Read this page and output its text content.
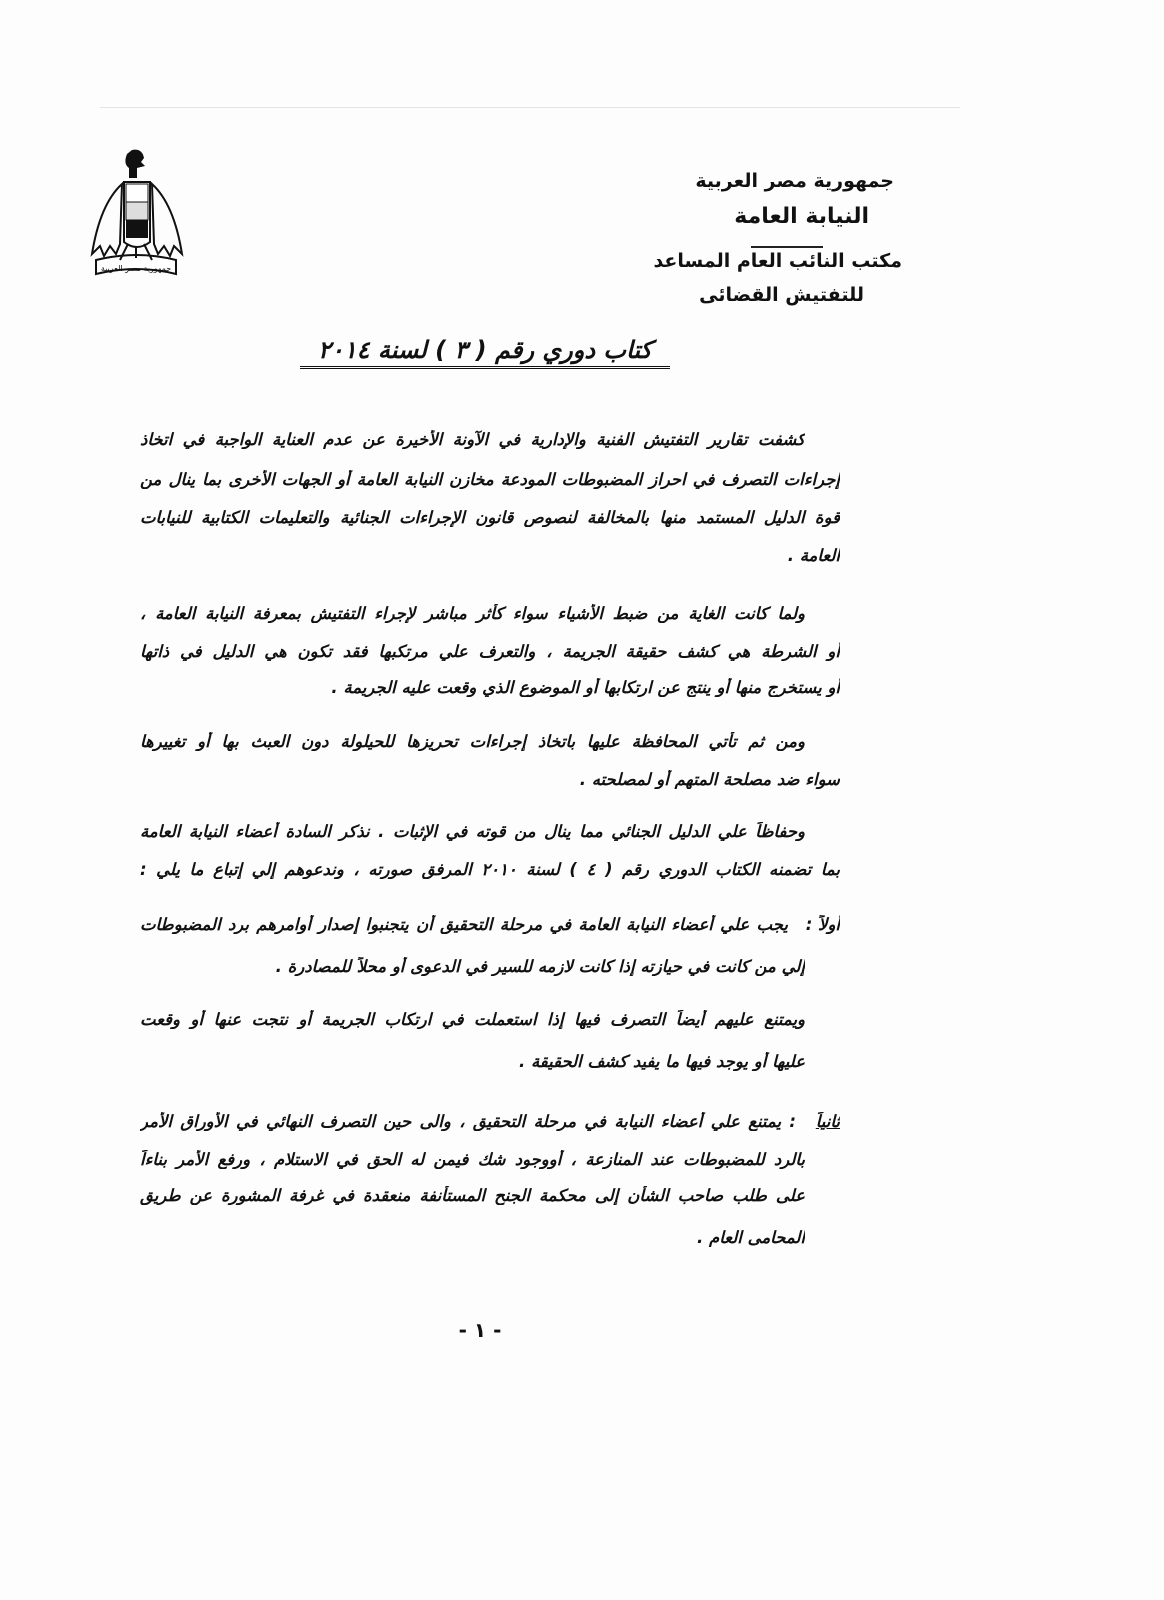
جمهورية مصر العربية
جمهورية مصر العربية
النيابة العامة
مكتب النائب العام المساعد
للتفتيش القضائى
كتاب دوري رقم ( ٣ ) لسنة ٢٠١٤
كشفت تقارير التفتيش الفنية والإدارية في الآونة الأخيرة عن عدم العناية الواجبة في اتخاذ
إجراءات التصرف في احراز المضبوطات المودعة مخازن النيابة العامة أو الجهات الأخرى بما ينال من
قوة الدليل المستمد منها بالمخالفة لنصوص قانون الإجراءات الجنائية والتعليمات الكتابية للنيابات
العامة .
ولما كانت الغاية من ضبط الأشياء سواء كأثر مباشر لإجراء التفتيش بمعرفة النيابة العامة ،
أو الشرطة هي كشف حقيقة الجريمة ، والتعرف علي مرتكبها فقد تكون هي الدليل في ذاتها
أو يستخرج منها أو ينتج عن ارتكابها أو الموضوع الذي وقعت عليه الجريمة .
ومن ثم تأتي المحافظة عليها باتخاذ إجراءات تحريزها للحيلولة دون العبث بها أو تغييرها
سواء ضد مصلحة المتهم أو لمصلحته .
وحفاظاً علي الدليل الجنائي مما ينال من قوته في الإثبات . نذكر السادة أعضاء النيابة العامة
بما تضمنه الكتاب الدوري رقم ( ٤ ) لسنة ٢٠١٠ المرفق صورته ، وندعوهم إلي إتباع ما يلي :
أولاً :
يجب علي أعضاء النيابة العامة في مرحلة التحقيق أن يتجنبوا إصدار أوامرهم برد المضبوطات
إلي من كانت في حيازته إذا كانت لازمه للسير في الدعوى أو محلاً للمصادرة .
ويمتنع عليهم أيضاً التصرف فيها إذا استعملت في ارتكاب الجريمة أو نتجت عنها أو وقعت
عليها أو يوجد فيها ما يفيد كشف الحقيقة .
ثانياً
: يمتنع علي أعضاء النيابة في مرحلة التحقيق ، والى حين التصرف النهائي في الأوراق الأمر
بالرد للمضبوطات عند المنازعة ، أووجود شك فيمن له الحق في الاستلام ، ورفع الأمر بناءاً
على طلب صاحب الشأن إلى محكمة الجنح المستأنفة منعقدة في غرفة المشورة عن طريق
المحامى العام .
- ١ -
